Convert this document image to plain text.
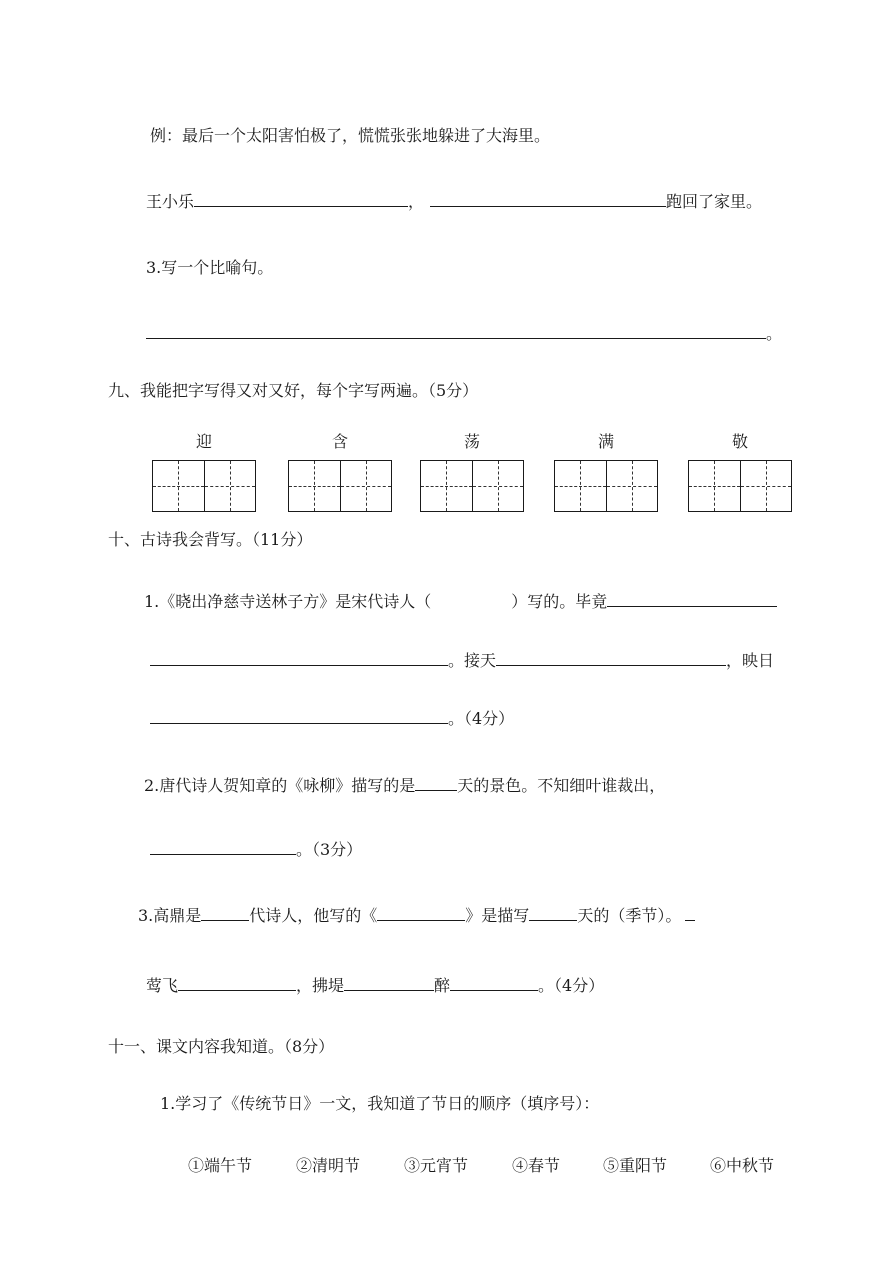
例：最后一个太阳害怕极了，慌慌张张地躲进了大海里。
王小乐	，	跑回了家里。
3.写一个比喻句。
。
九、我能把字写得又对又好，每个字写两遍。（5分）
迎	含	荡	满	敬
十、古诗我会背写。（11分）
1.《晓出净慈寺送林子方》是宋代诗人（	）写的。毕竟
。接天	，映日
。（4分）
2.唐代诗人贺知章的《咏柳》描写的是	天的景色。不知细叶谁裁出，
。（3分）
3.高鼎是	代诗人，他写的《	》是描写	天的（季节）。
莺飞	，拂堤	醉	。（4分）
十一、课文内容我知道。（8分）
1.学习了《传统节日》一文，我知道了节日的顺序（填序号）：
①端午节	②清明节	③元宵节	④春节	⑤重阳节	⑥中秋节
